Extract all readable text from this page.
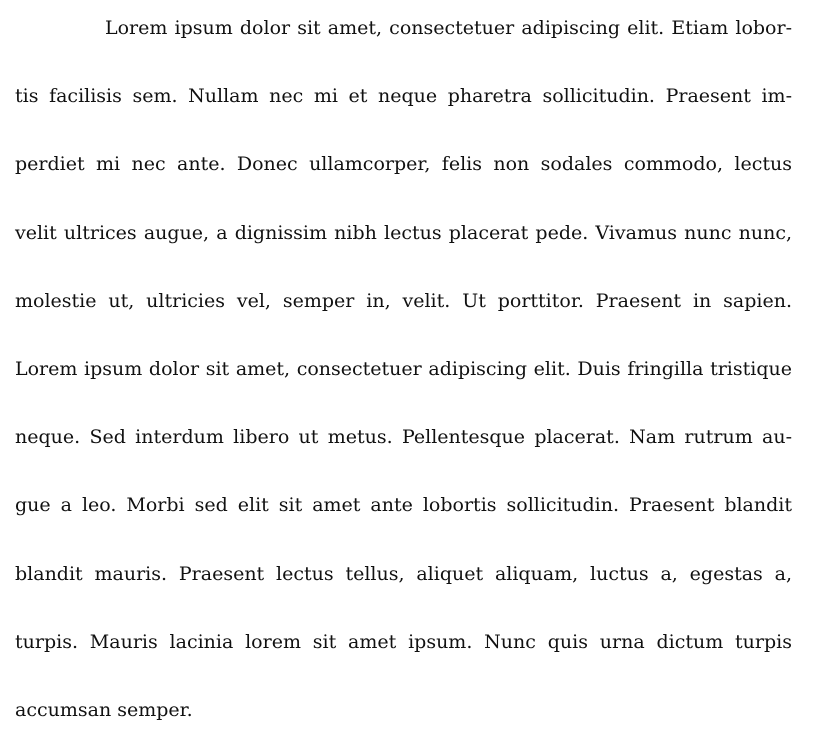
Lorem ipsum dolor sit amet, consectetuer adipiscing elit. Etiam lobor-
tis facilisis sem. Nullam nec mi et neque pharetra sollicitudin. Praesent im-
perdiet mi nec ante. Donec ullamcorper, felis non sodales commodo, lectus
velit ultrices augue, a dignissim nibh lectus placerat pede. Vivamus nunc nunc,
molestie ut, ultricies vel, semper in, velit. Ut porttitor. Praesent in sapien.
Lorem ipsum dolor sit amet, consectetuer adipiscing elit. Duis fringilla tristique
neque. Sed interdum libero ut metus. Pellentesque placerat. Nam rutrum au-
gue a leo. Morbi sed elit sit amet ante lobortis sollicitudin. Praesent blandit
blandit mauris. Praesent lectus tellus, aliquet aliquam, luctus a, egestas a,
turpis. Mauris lacinia lorem sit amet ipsum. Nunc quis urna dictum turpis
accumsan semper.
